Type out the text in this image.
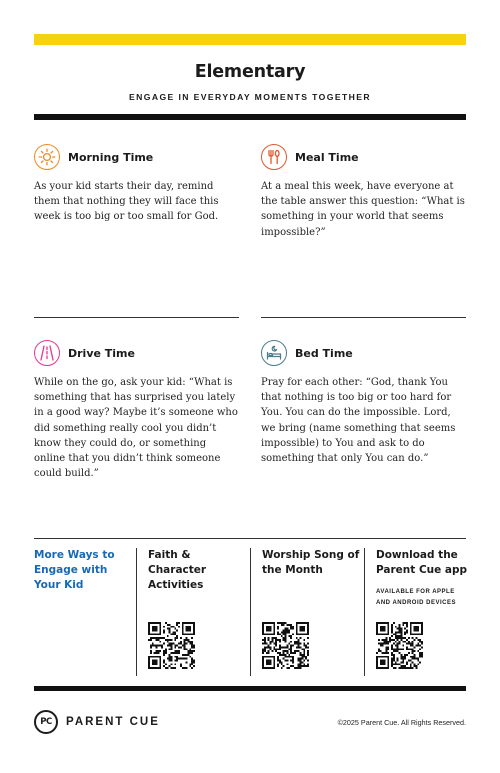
Elementary
ENGAGE IN EVERYDAY MOMENTS TOGETHER
Morning Time

As your kid starts their day, remind them that nothing they will face this week is too big or too small for God.

Meal Time

At a meal this week, have everyone at the table answer this question: “What is something in your world that seems impossible?”

Drive Time

While on the go, ask your kid: “What is something that has surprised you lately in a good way? Maybe it’s someone who did something really cool you didn’t know they could do, or something online that you didn’t think someone could build.”

Bed Time

Pray for each other: “God, thank You that nothing is too big or too hard for You. You can do the impossible. Lord, we bring (name something that seems impossible) to You and ask to do something that only You can do.”

More Ways to Engage with Your Kid
Faith & Character Activities
Worship Song of the Month
Download the Parent Cue app
AVAILABLE FOR APPLE AND ANDROID DEVICES
PC	PARENT CUE	©2025 Parent Cue. All Rights Reserved.
